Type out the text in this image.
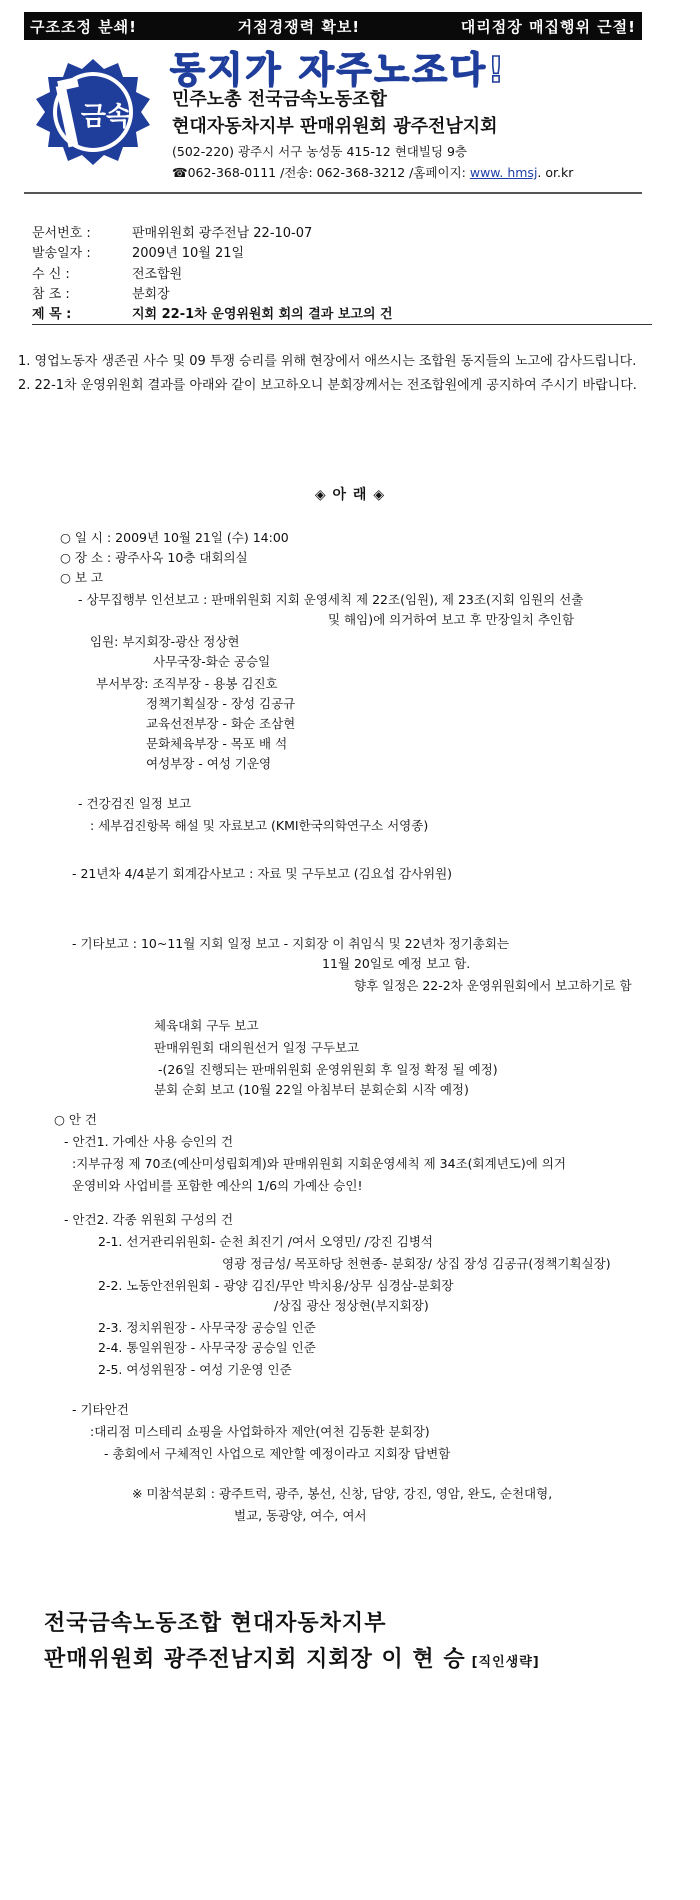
구조조정 분쇄!	거점경쟁력 확보!	대리점장 매집행위 근절!
금속
동지가 자주노조다!
민주노총 전국금속노동조합
현대자동차지부 판매위원회 광주전남지회
(502-220) 광주시 서구 농성동 415-12 현대빌딩 9층
☎062-368-0111 /전송: 062-368-3212 /홈페이지: www. hmsj. or.kr
문서번호 :	판매위원회 광주전남 22-10-07
발송일자 :	2009년 10월 21일
수 신 :	전조합원
참 조 :	분회장
제 목 :	지회 22-1차 운영위원회 회의 결과 보고의 건
1. 영업노동자 생존권 사수 및 09 투쟁 승리를 위해 현장에서 애쓰시는 조합원 동지들의 노고에 감사드립니다.
2. 22-1차 운영위원회 결과를 아래와 같이 보고하오니 분회장께서는 전조합원에게 공지하여 주시기 바랍니다.
◈ 아 래 ◈
○ 일 시 : 2009년 10월 21일 (수) 14:00
○ 장 소 : 광주사옥 10층 대회의실
○ 보 고
- 상무집행부 인선보고 : 판매위원회 지회 운영세칙 제 22조(임원), 제 23조(지회 임원의 선출
및 해임)에 의거하여 보고 후 만장일치 추인함
임원: 부지회장-광산 정상현
사무국장-화순 공승일
부서부장: 조직부장 - 용봉 김진호
정책기획실장 - 장성 김공규
교육선전부장 - 화순 조삼현
문화체육부장 - 목포 배 석
여성부장 - 여성 기운영
- 건강검진 일정 보고
: 세부검진항목 해설 및 자료보고 (KMI한국의학연구소 서영종)
- 21년차 4/4분기 회계감사보고 : 자료 및 구두보고 (김요섭 감사위원)
- 기타보고 : 10~11월 지회 일정 보고 - 지회장 이 취임식 및 22년차 정기총회는
11월 20일로 예정 보고 함.
향후 일정은 22-2차 운영위원회에서 보고하기로 함
체육대회 구두 보고
판매위원회 대의원선거 일정 구두보고
-(26일 진행되는 판매위원회 운영위원회 후 일정 확정 될 예정)
분회 순회 보고 (10월 22일 아침부터 분회순회 시작 예정)
○ 안 건
- 안건1. 가예산 사용 승인의 건
:지부규정 제 70조(예산미성립회계)와 판매위원회 지회운영세칙 제 34조(회계년도)에 의거
운영비와 사업비를 포함한 예산의 1/6의 가예산 승인!
- 안건2. 각종 위원회 구성의 건
2-1. 선거관리위원회- 순천 최진기 /여서 오영민/ /강진 김병석
영광 정금성/ 목포하당 천현종- 분회장/ 상집 장성 김공규(정책기획실장)
2-2. 노동안전위원회 - 광양 김진/무안 박치용/상무 심경삼-분회장
/상집 광산 정상현(부지회장)
2-3. 정치위원장 - 사무국장 공승일 인준
2-4. 통일위원장 - 사무국장 공승일 인준
2-5. 여성위원장 - 여성 기운영 인준
- 기타안건
:대리점 미스테리 쇼핑을 사업화하자 제안(여천 김동환 분회장)
- 총회에서 구체적인 사업으로 제안할 예정이라고 지회장 답변함
※ 미참석분회 : 광주트럭, 광주, 봉선, 신창, 담양, 강진, 영암, 완도, 순천대형,
벌교, 동광양, 여수, 여서
전국금속노동조합 현대자동차지부
판매위원회 광주전남지회 지회장 이 현 승 [직인생략]
